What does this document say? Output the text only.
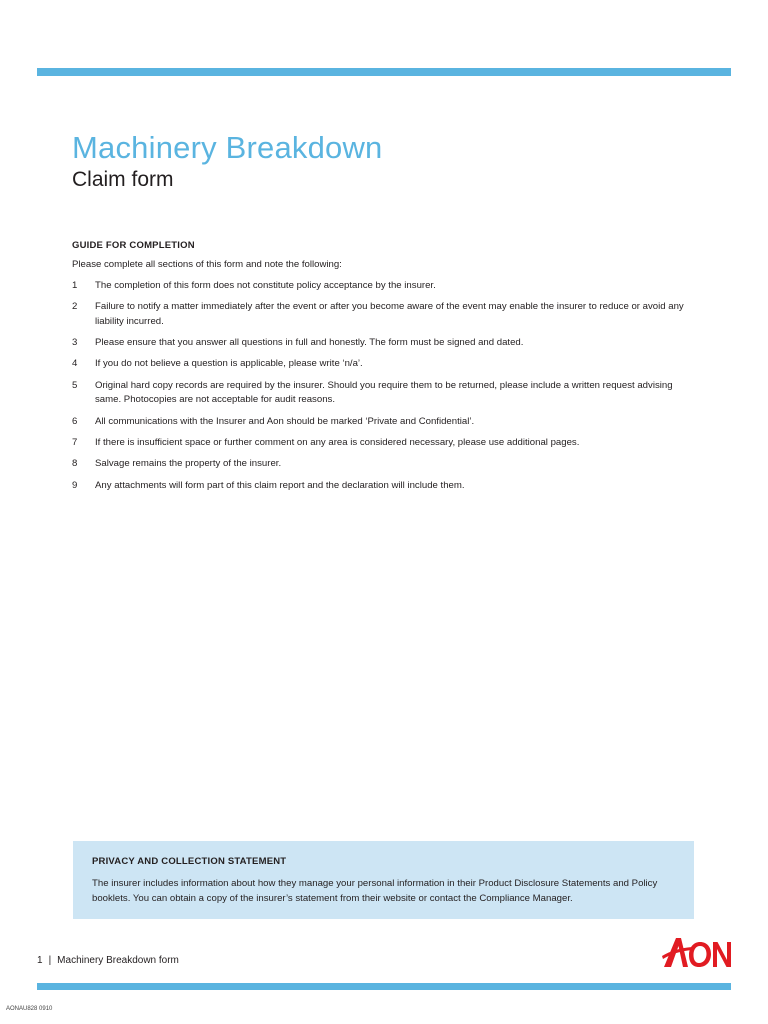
Machinery Breakdown
Claim form
GUIDE FOR COMPLETION
Please complete all sections of this form and note the following:
1	The completion of this form does not constitute policy acceptance by the insurer.
2	Failure to notify a matter immediately after the event or after you become aware of the event may enable the insurer to reduce or avoid any liability incurred.
3	Please ensure that you answer all questions in full and honestly. The form must be signed and dated.
4	If you do not believe a question is applicable, please write ‘n/a’.
5	Original hard copy records are required by the insurer. Should you require them to be returned, please include a written request advising same. Photocopies are not acceptable for audit reasons.
6	All communications with the Insurer and Aon should be marked ‘Private and Confidential’.
7	If there is insufficient space or further comment on any area is considered necessary, please use additional pages.
8	Salvage remains the property of the insurer.
9	Any attachments will form part of this claim report and the declaration will include them.
PRIVACY AND COLLECTION STATEMENT

The insurer includes information about how they manage your personal information in their Product Disclosure Statements and Policy booklets. You can obtain a copy of the insurer’s statement from their website or contact the Compliance Manager.

1 | Machinery Breakdown form
AONAU828 0910
